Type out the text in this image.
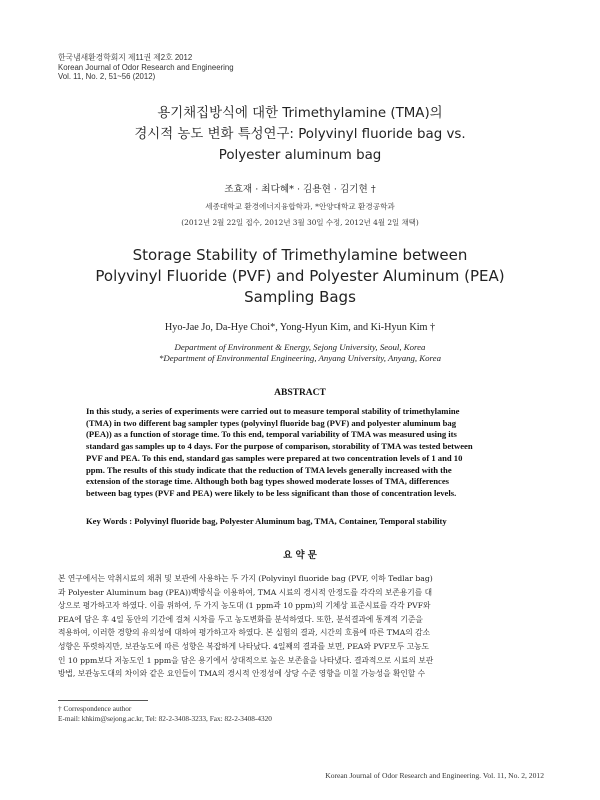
한국냄새환경학회지 제11권 제2호 2012
Korean Journal of Odor Research and Engineering
Vol. 11, No. 2, 51~56 (2012)
용기채집방식에 대한 Trimethylamine (TMA)의
경시적 농도 변화 특성연구: Polyvinyl fluoride bag vs.
Polyester aluminum bag
조효재 · 최다혜* · 김용현 · 김기현 †
세종대학교 환경에너지융합학과, *안양대학교 환경공학과
(2012년 2월 22일 접수, 2012년 3월 30일 수정, 2012년 4월 2일 채택)
Storage Stability of Trimethylamine between
Polyvinyl Fluoride (PVF) and Polyester Aluminum (PEA)
Sampling Bags
Hyo-Jae Jo, Da-Hye Choi*, Yong-Hyun Kim, and Ki-Hyun Kim †
Department of Environment & Energy, Sejong University, Seoul, Korea
*Department of Environmental Engineering, Anyang University, Anyang, Korea
ABSTRACT
In this study, a series of experiments were carried out to measure temporal stability of trimethylamine
(TMA) in two different bag sampler types (polyvinyl fluoride bag (PVF) and polyester aluminum bag
(PEA)) as a function of storage time. To this end, temporal variability of TMA was measured using its
standard gas samples up to 4 days. For the purpose of comparison, storability of TMA was tested between
PVF and PEA. To this end, standard gas samples were prepared at two concentration levels of 1 and 10
ppm. The results of this study indicate that the reduction of TMA levels generally increased with the
extension of the storage time. Although both bag types showed moderate losses of TMA, differences
between bag types (PVF and PEA) were likely to be less significant than those of concentration levels.
Key Words : Polyvinyl fluoride bag, Polyester Aluminum bag, TMA, Container, Temporal stability
요 약 문
본 연구에서는 악취시료의 채취 및 보관에 사용하는 두 가지 (Polyvinyl fluoride bag (PVF, 이하 Tedlar bag)
과 Polyester Aluminum bag (PEA))백방식을 이용하여, TMA 시료의 경시적 안정도를 각각의 보존용기를 대
상으로 평가하고자 하였다. 이를 위하여, 두 가지 농도대 (1 ppm과 10 ppm)의 기체상 표준시료를 각각 PVF와
PEA에 담은 후 4일 동안의 기간에 걸쳐 시차를 두고 농도변화를 분석하였다. 또한, 분석결과에 통계적 기준을
적용하여, 이러한 경향의 유의성에 대하여 평가하고자 하였다. 본 실험의 결과, 시간의 흐름에 따른 TMA의 감소
성향은 뚜렷하지만, 보관농도에 따른 성향은 복잡하게 나타났다. 4일째의 결과를 보면, PEA와 PVF모두 고농도
인 10 ppm보다 저농도인 1 ppm을 담은 용기에서 상대적으로 높은 보존율을 나타냈다. 결과적으로 시료의 보관
방법, 보관농도대의 차이와 같은 요인들이 TMA의 경시적 안정성에 상당 수준 영향을 미칠 가능성을 확인할 수
† Correspondence author
E-mail: khkim@sejong.ac.kr, Tel: 82-2-3408-3233, Fax: 82-2-3408-4320
Korean Journal of Odor Research and Engineering. Vol. 11, No. 2, 2012
